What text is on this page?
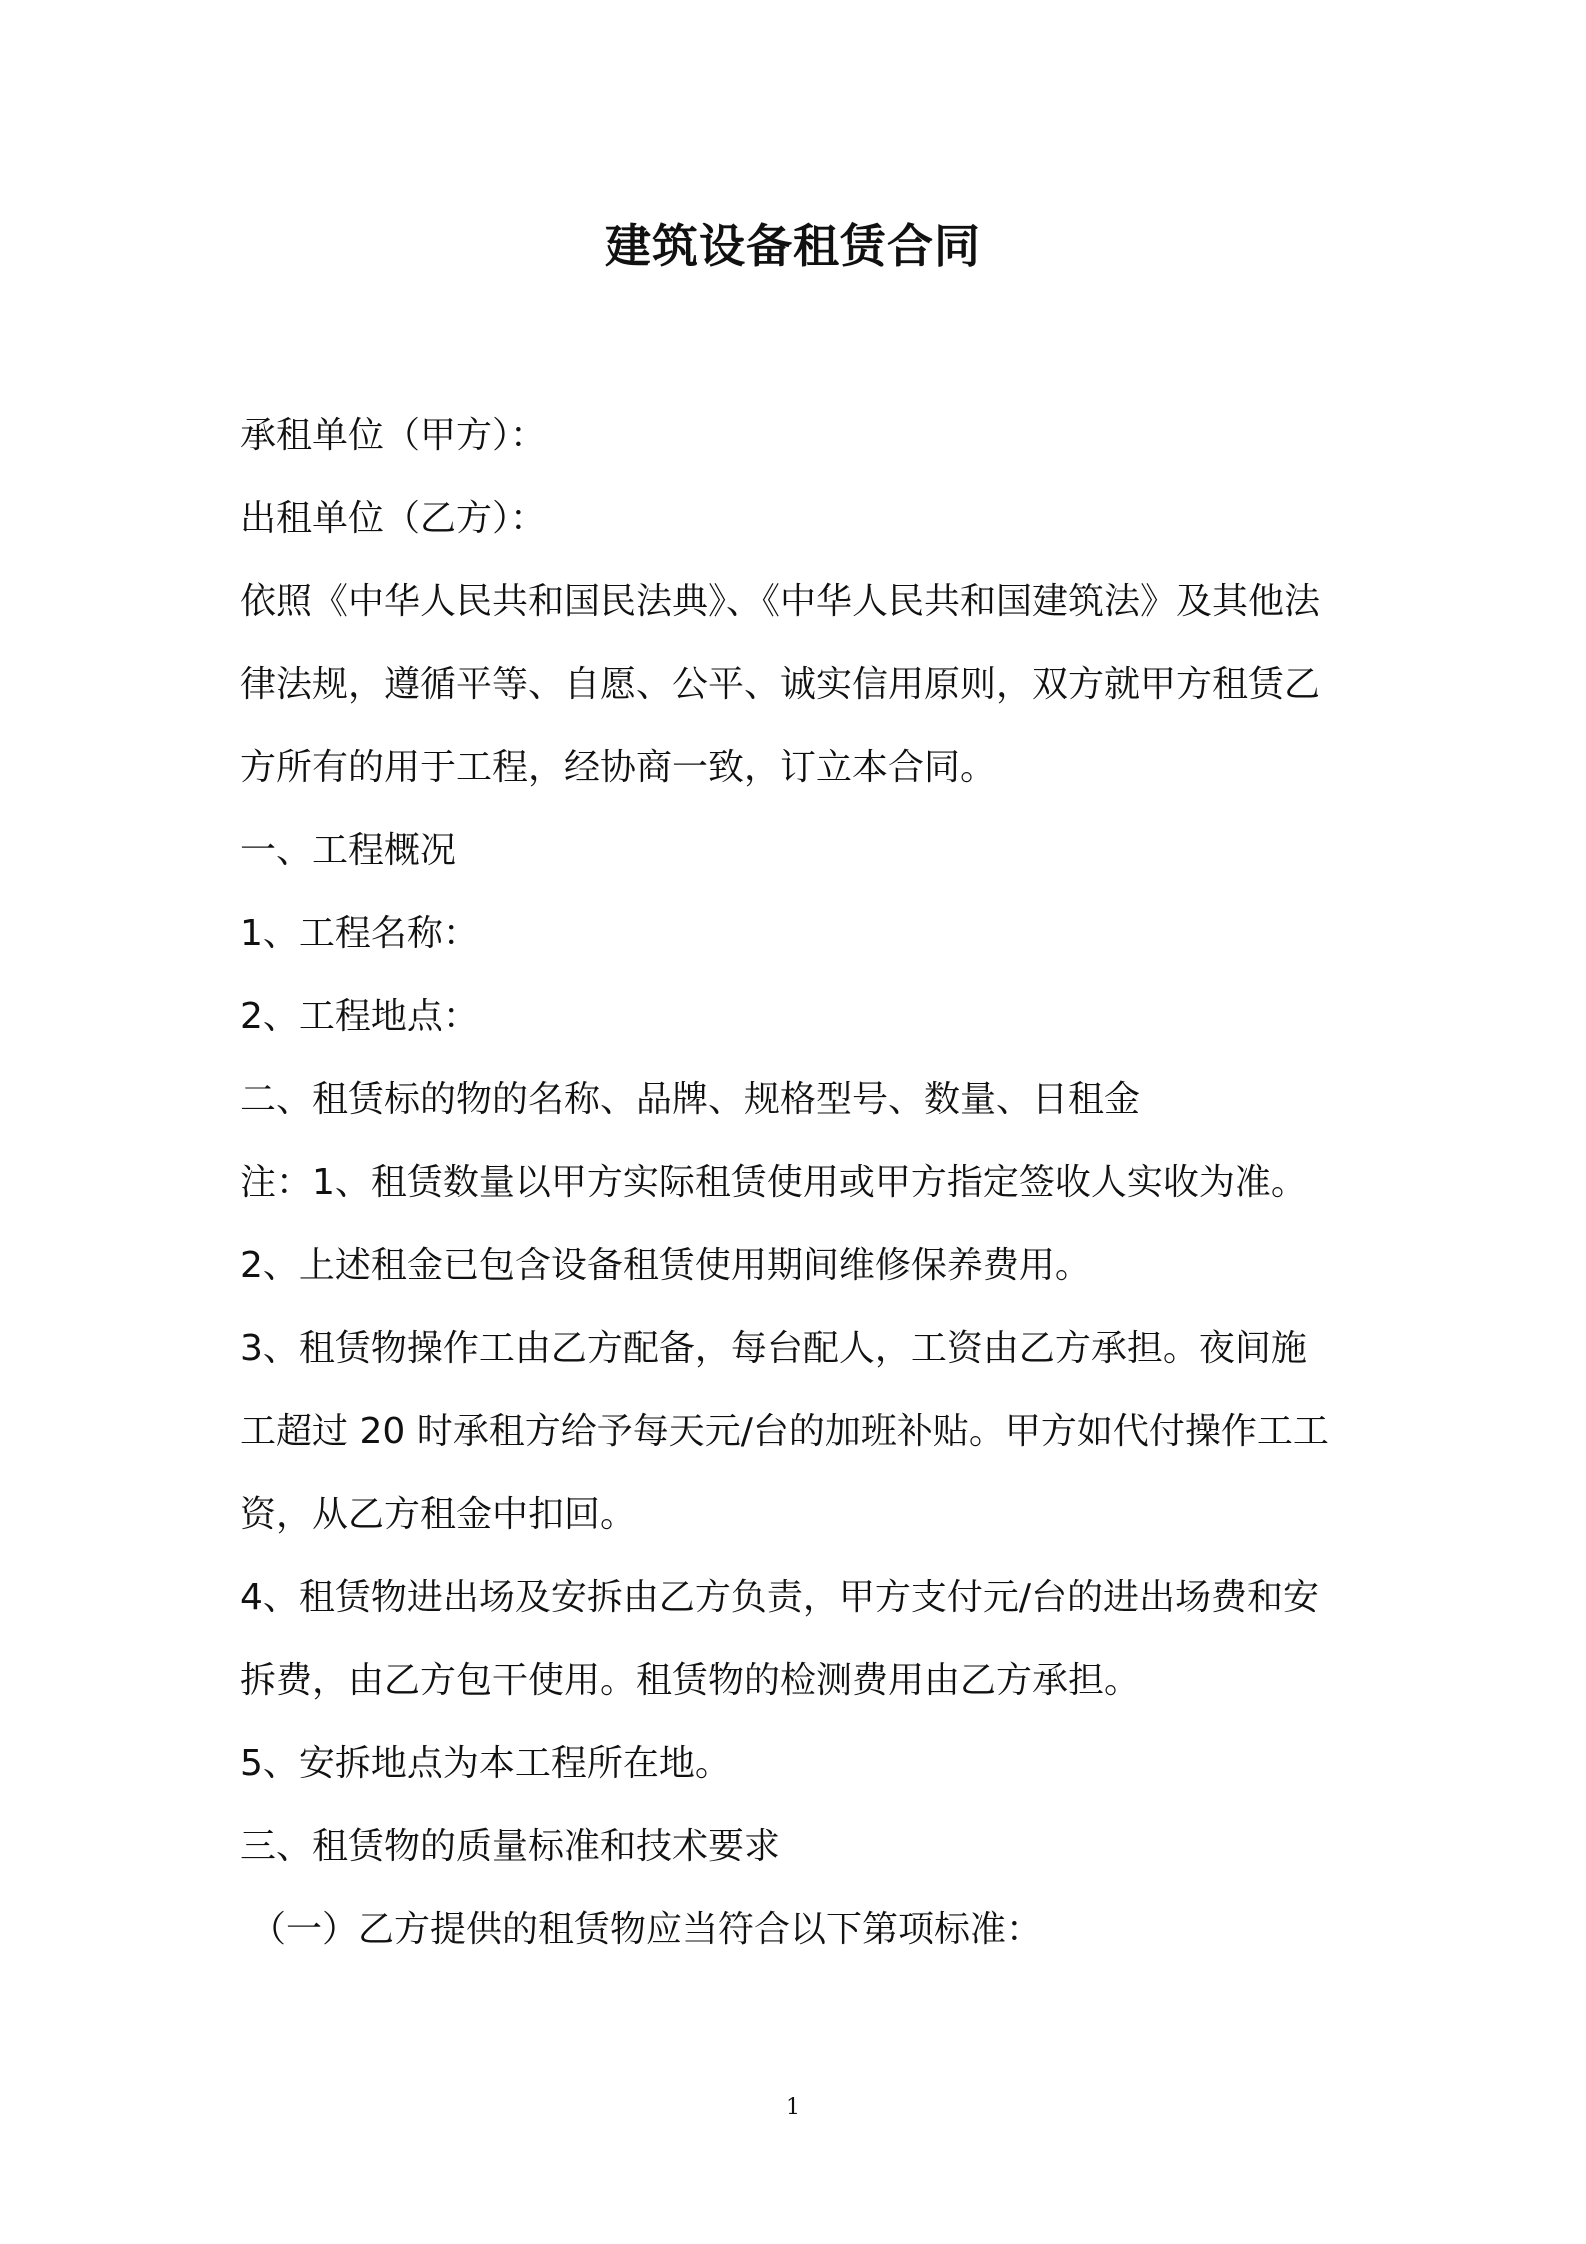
建筑设备租赁合同
承租单位（甲方）：
出租单位（乙方）：
依照《中华人民共和国民法典》、《中华人民共和国建筑法》及其他法
律法规，遵循平等、自愿、公平、诚实信用原则，双方就甲方租赁乙
方所有的用于工程，经协商一致，订立本合同。
一、工程概况
1、工程名称：
2、工程地点：
二、租赁标的物的名称、品牌、规格型号、数量、日租金
注：1、租赁数量以甲方实际租赁使用或甲方指定签收人实收为准。
2、上述租金已包含设备租赁使用期间维修保养费用。
3、租赁物操作工由乙方配备，每台配人，工资由乙方承担。夜间施
工超过 20 时承租方给予每天元/台的加班补贴。甲方如代付操作工工
资，从乙方租金中扣回。
4、租赁物进出场及安拆由乙方负责，甲方支付元/台的进出场费和安
拆费，由乙方包干使用。租赁物的检测费用由乙方承担。
5、安拆地点为本工程所在地。
三、租赁物的质量标准和技术要求
（一）乙方提供的租赁物应当符合以下第项标准：
1
